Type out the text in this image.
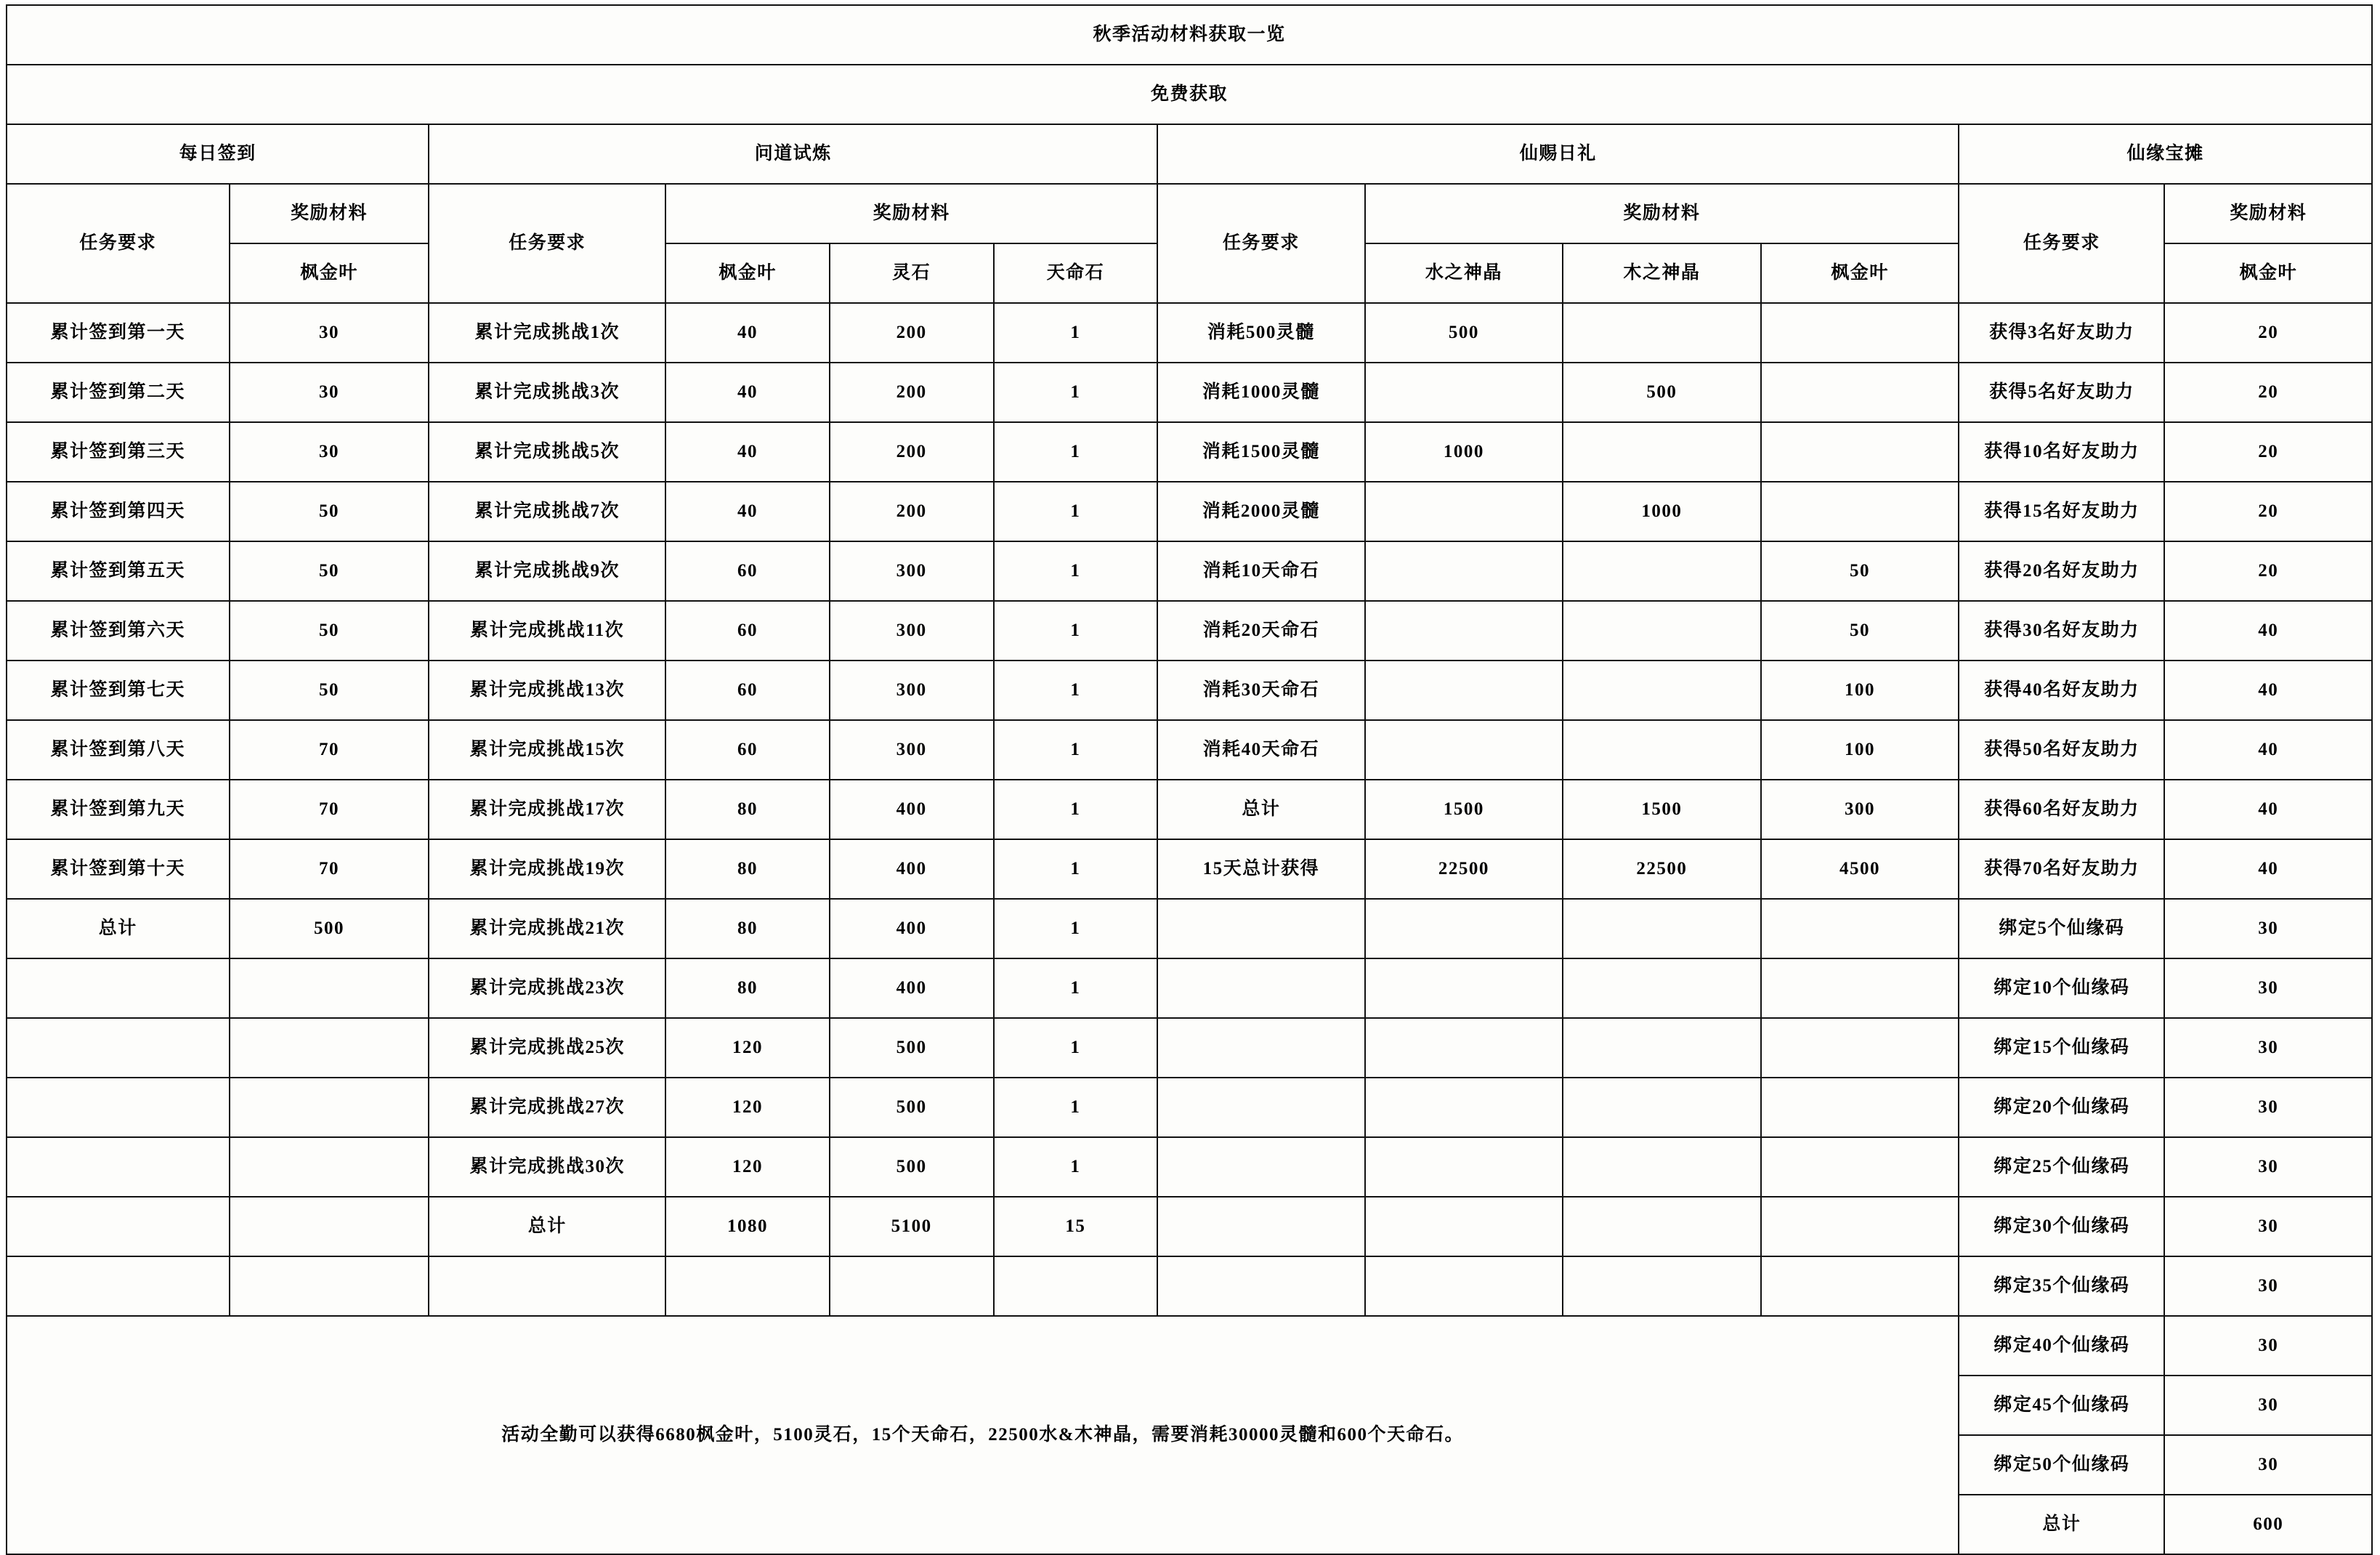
秋季活动材料获取一览											
免费获取											
每日签到		问道试炼				仙赐日礼				仙缘宝摊	
任务要求	奖励材料	任务要求	奖励材料			任务要求	奖励材料			任务要求	奖励材料
	枫金叶		枫金叶	灵石	天命石		水之神晶	木之神晶	枫金叶		枫金叶
累计签到第一天	30	累计完成挑战1次	40	200	1	消耗500灵髓	500			获得3名好友助力	20
累计签到第二天	30	累计完成挑战3次	40	200	1	消耗1000灵髓		500		获得5名好友助力	20
累计签到第三天	30	累计完成挑战5次	40	200	1	消耗1500灵髓	1000			获得10名好友助力	20
累计签到第四天	50	累计完成挑战7次	40	200	1	消耗2000灵髓		1000		获得15名好友助力	20
累计签到第五天	50	累计完成挑战9次	60	300	1	消耗10天命石			50	获得20名好友助力	20
累计签到第六天	50	累计完成挑战11次	60	300	1	消耗20天命石			50	获得30名好友助力	40
累计签到第七天	50	累计完成挑战13次	60	300	1	消耗30天命石			100	获得40名好友助力	40
累计签到第八天	70	累计完成挑战15次	60	300	1	消耗40天命石			100	获得50名好友助力	40
累计签到第九天	70	累计完成挑战17次	80	400	1	总计	1500	1500	300	获得60名好友助力	40
累计签到第十天	70	累计完成挑战19次	80	400	1	15天总计获得	22500	22500	4500	获得70名好友助力	40
总计	500	累计完成挑战21次	80	400	1					绑定5个仙缘码	30
		累计完成挑战23次	80	400	1					绑定10个仙缘码	30
		累计完成挑战25次	120	500	1					绑定15个仙缘码	30
		累计完成挑战27次	120	500	1					绑定20个仙缘码	30
		累计完成挑战30次	120	500	1					绑定25个仙缘码	30
		总计	1080	5100	15					绑定30个仙缘码	30
										绑定35个仙缘码	30
活动全勤可以获得6680枫金叶，5100灵石，15个天命石，22500水&木神晶，需要消耗30000灵髓和600个天命石。										绑定40个仙缘码	30
										绑定45个仙缘码	30
										绑定50个仙缘码	30
										总计	600
